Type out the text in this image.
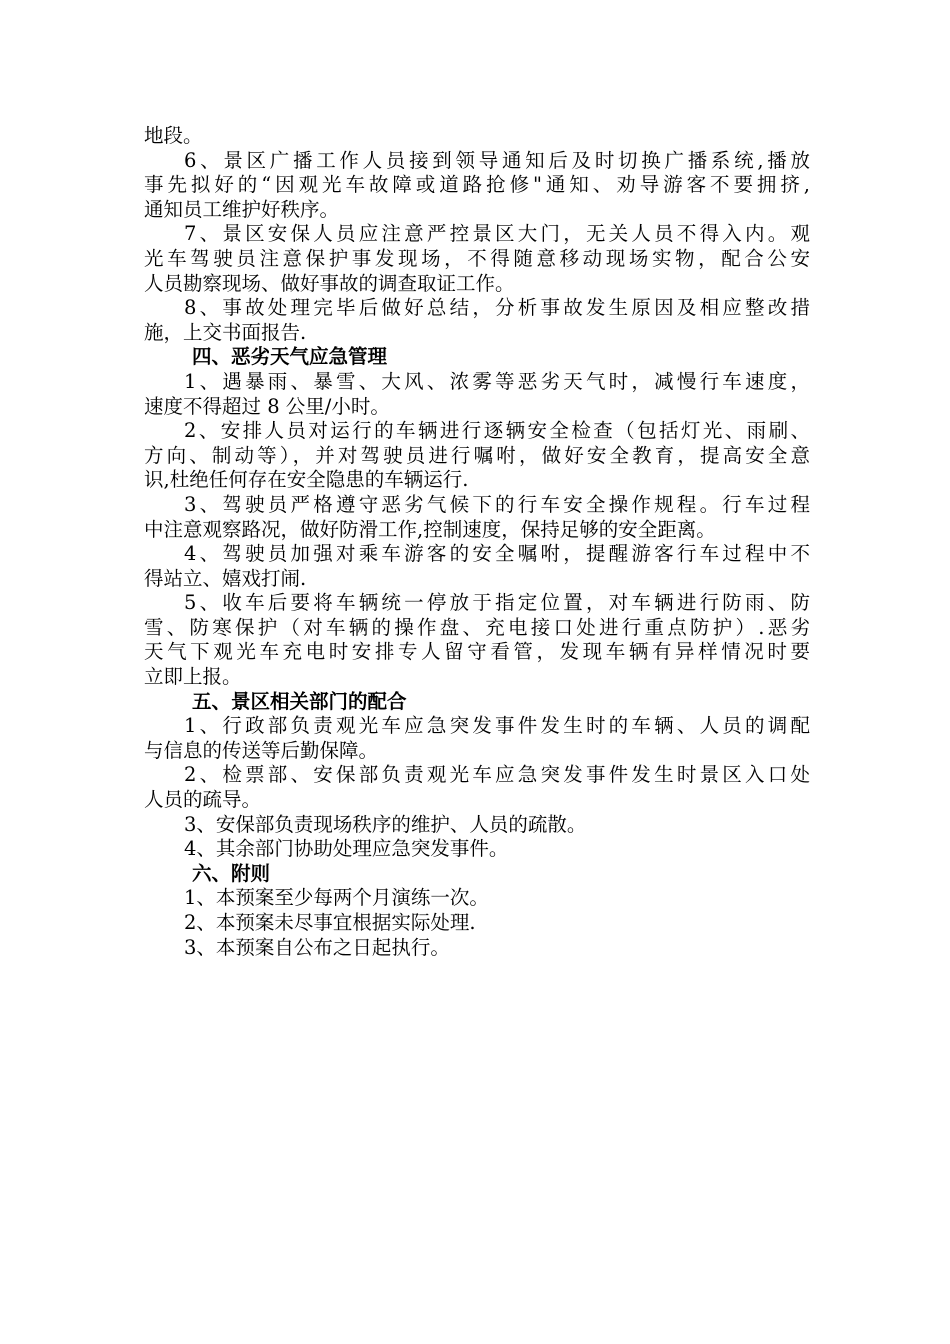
地段。
6、景区广播工作人员接到领导通知后及时切换广播系统,播放
事先拟好的“因观光车故障或道路抢修"通知、劝导游客不要拥挤,
通知员工维护好秩序。
7、景区安保人员应注意严控景区大门，无关人员不得入内。观
光车驾驶员注意保护事发现场，不得随意移动现场实物，配合公安
人员勘察现场、做好事故的调查取证工作。
8、事故处理完毕后做好总结，分析事故发生原因及相应整改措
施，上交书面报告.
四、恶劣天气应急管理
1、遇暴雨、暴雪、大风、浓雾等恶劣天气时，减慢行车速度，
速度不得超过 8 公里/小时。
2、安排人员对运行的车辆进行逐辆安全检查（包括灯光、雨刷、
方向、制动等），并对驾驶员进行嘱咐，做好安全教育，提高安全意
识,杜绝任何存在安全隐患的车辆运行.
3、驾驶员严格遵守恶劣气候下的行车安全操作规程。行车过程
中注意观察路况，做好防滑工作,控制速度，保持足够的安全距离。
4、驾驶员加强对乘车游客的安全嘱咐，提醒游客行车过程中不
得站立、嬉戏打闹.
5、收车后要将车辆统一停放于指定位置，对车辆进行防雨、防
雪、防寒保护（对车辆的操作盘、充电接口处进行重点防护）.恶劣
天气下观光车充电时安排专人留守看管，发现车辆有异样情况时要
立即上报。
五、景区相关部门的配合
1、行政部负责观光车应急突发事件发生时的车辆、人员的调配
与信息的传送等后勤保障。
2、检票部、安保部负责观光车应急突发事件发生时景区入口处
人员的疏导。
3、安保部负责现场秩序的维护、人员的疏散。
4、其余部门协助处理应急突发事件。
六、附则
1、本预案至少每两个月演练一次。
2、本预案未尽事宜根据实际处理.
3、本预案自公布之日起执行。
